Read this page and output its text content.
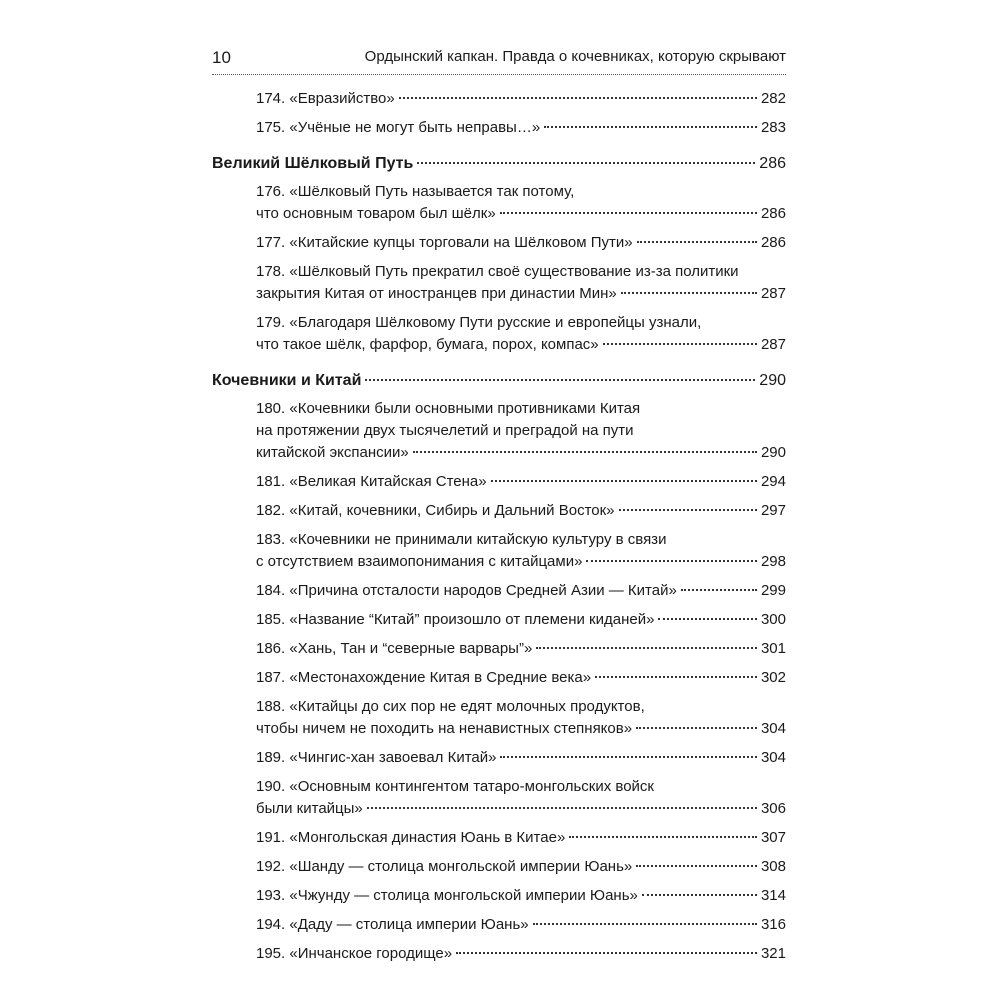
10	Ордынский капкан. Правда о кочевниках, которую скрывают
174. «Евразийство»	282
175. «Учёные не могут быть неправы…»	283
Великий Шёлковый Путь	286
176. «Шёлковый Путь называется так потому,
что основным товаром был шёлк»	286
177. «Китайские купцы торговали на Шёлковом Пути»	286
178. «Шёлковый Путь прекратил своё существование из-за политики
закрытия Китая от иностранцев при династии Мин»	287
179. «Благодаря Шёлковому Пути русские и европейцы узнали,
что такое шёлк, фарфор, бумага, порох, компас»	287
Кочевники и Китай	290
180. «Кочевники были основными противниками Китая
на протяжении двух тысячелетий и преградой на пути
китайской экспансии»	290
181. «Великая Китайская Стена»	294
182. «Китай, кочевники, Сибирь и Дальний Восток»	297
183. «Кочевники не принимали китайскую культуру в связи
с отсутствием взаимопонимания с китайцами»	298
184. «Причина отсталости народов Средней Азии — Китай»	299
185. «Название “Китай” произошло от племени киданей»	300
186. «Хань, Тан и “северные варвары”»	301
187. «Местонахождение Китая в Средние века»	302
188. «Китайцы до сих пор не едят молочных продуктов,
чтобы ничем не походить на ненавистных степняков»	304
189. «Чингис-хан завоевал Китай»	304
190. «Основным контингентом татаро-монгольских войск
были китайцы»	306
191. «Монгольская династия Юань в Китае»	307
192. «Шанду — столица монгольской империи Юань»	308
193. «Чжунду — столица монгольской империи Юань»	314
194. «Даду — столица империи Юань»	316
195. «Инчанское городище»	321
